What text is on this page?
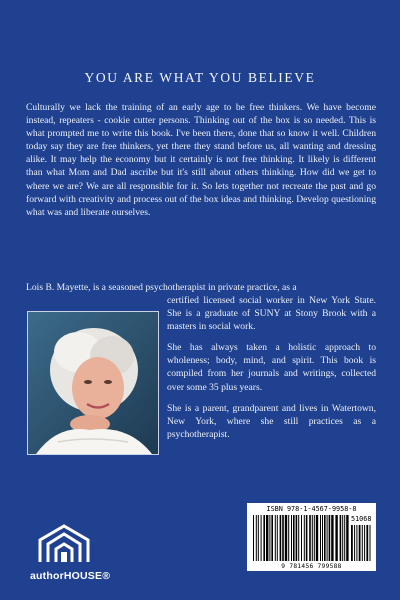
YOU ARE WHAT YOU BELIEVE
Culturally we lack the training of an early age to be free thinkers. We have become instead, repeaters - cookie cutter persons. Thinking out of the box is so needed. This is what prompted me to write this book. I've been there, done that so know it well. Children today say they are free thinkers, yet there they stand before us, all wanting and dressing alike. It may help the economy but it certainly is not free thinking. It likely is different than what Mom and Dad ascribe but it's still about others thinking. How did we get to where we are? We are all responsible for it. So lets together not recreate the past and go forward with creativity and process out of the box ideas and thinking. Develop questioning what was and liberate ourselves.
Lois B. Mayette, is a seasoned psychotherapist in private practice, as a

certified licensed social worker in New York State. She is a graduate of SUNY at Stony Brook with a masters in social work.

She has always taken a holistic approach to wholeness; body, mind, and spirit. This book is compiled from her journals and writings, collected over some 35 plus years.

She is a parent, grandparent and lives in Watertown, New York, where she still practices as a psychotherapist.

authorHOUSE®
ISBN 978-1-4567-9958-8
51068
9 781456 799588
